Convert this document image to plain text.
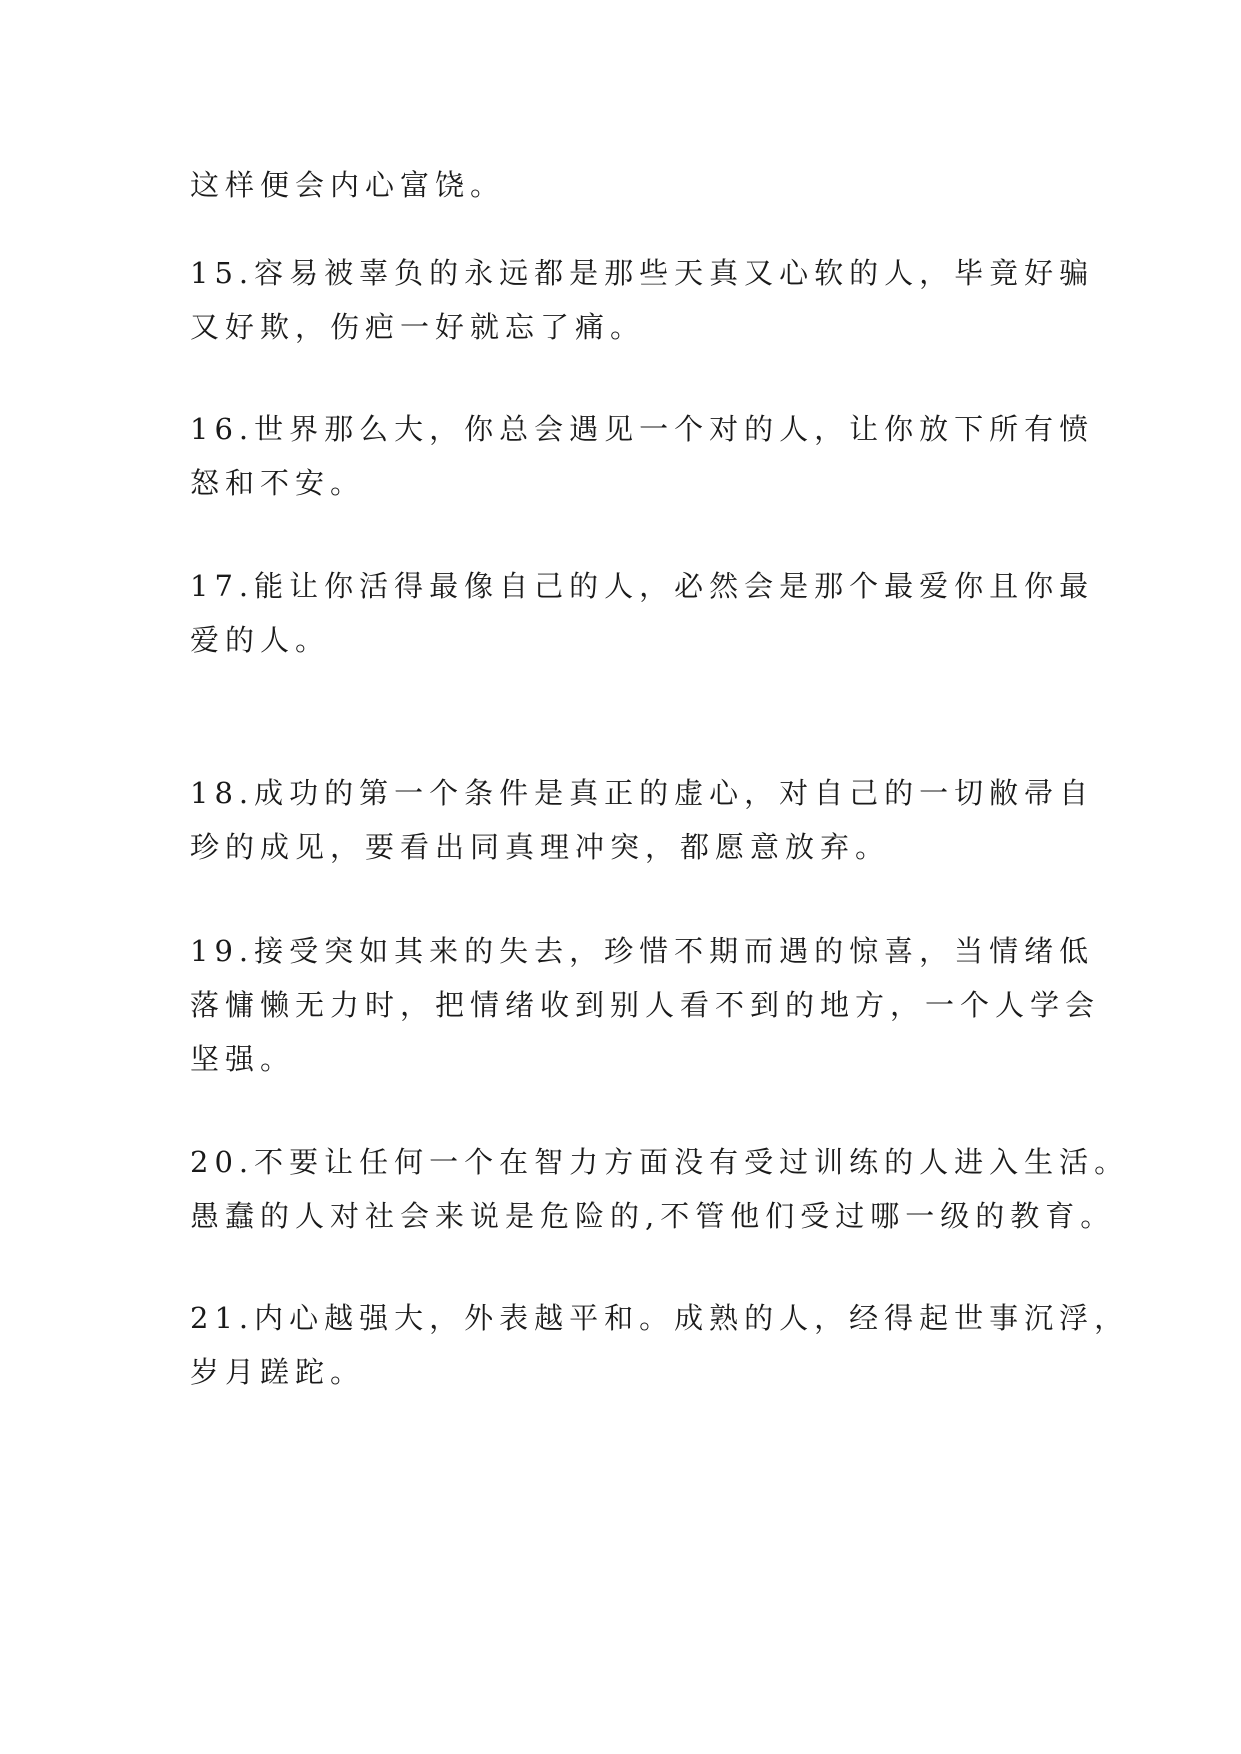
这样便会内心富饶。
15.容易被辜负的永远都是那些天真又心软的人，毕竟好骗
又好欺，伤疤一好就忘了痛。
16.世界那么大，你总会遇见一个对的人，让你放下所有愤
怒和不安。
17.能让你活得最像自己的人，必然会是那个最爱你且你最
爱的人。
18.成功的第一个条件是真正的虚心，对自己的一切敝帚自
珍的成见，要看出同真理冲突，都愿意放弃。
19.接受突如其来的失去，珍惜不期而遇的惊喜，当情绪低
落慵懒无力时，把情绪收到别人看不到的地方，一个人学会
坚强。
20.不要让任何一个在智力方面没有受过训练的人进入生活。
愚蠢的人对社会来说是危险的,不管他们受过哪一级的教育。
21.内心越强大，外表越平和。成熟的人，经得起世事沉浮，
岁月蹉跎。
